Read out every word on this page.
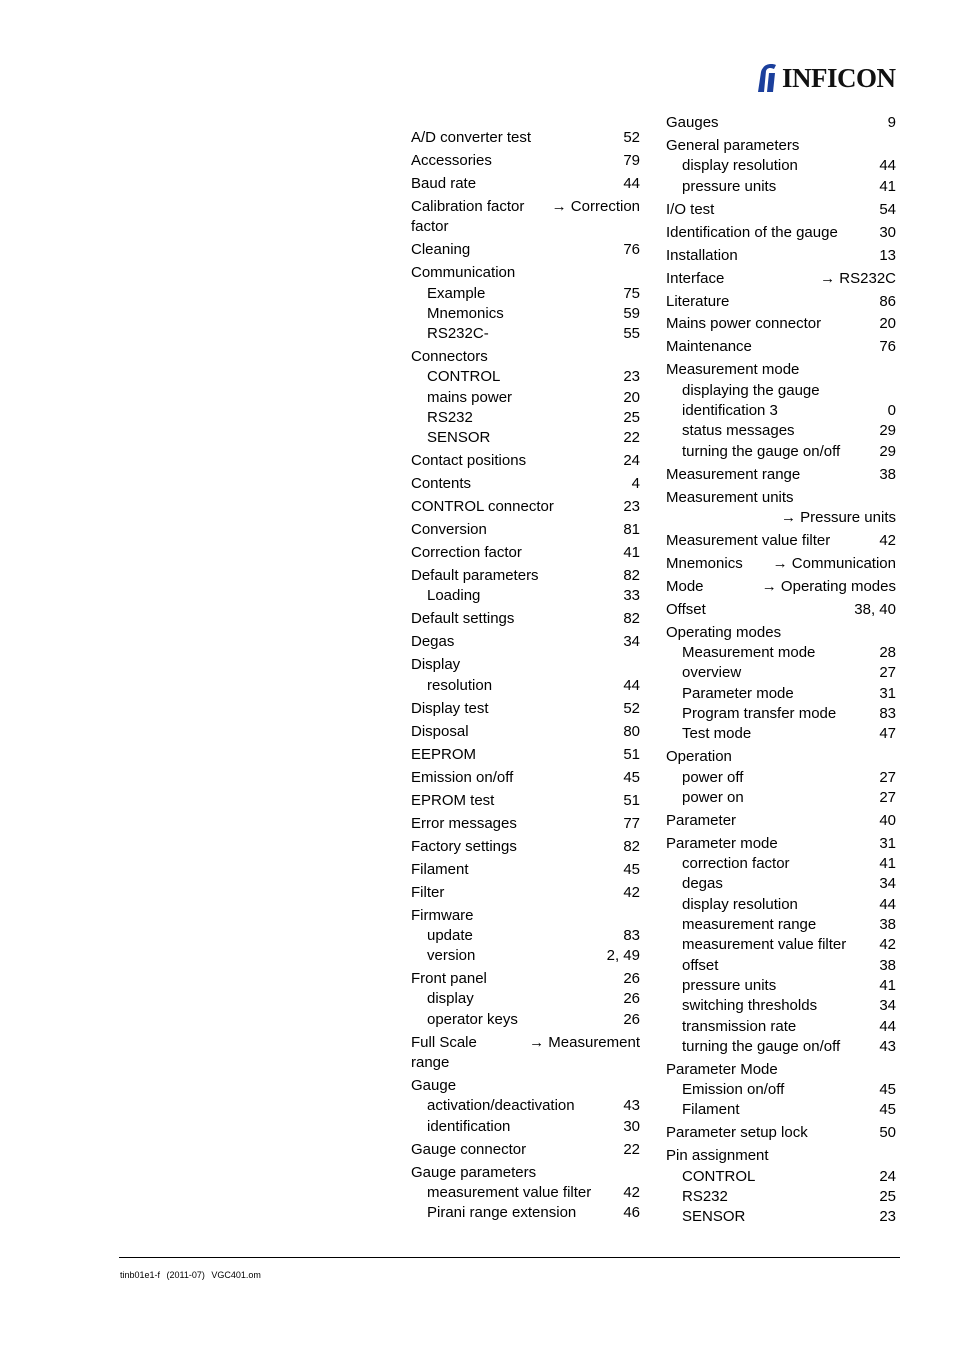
INFICON
A/D converter test	52
Accessories	79
Baud rate	44
Calibration factor → Correction
factor
Cleaning	76
Communication
Example	75
Mnemonics	59
RS232C-	55
Connectors
CONTROL	23
mains power	20
RS232	25
SENSOR	22
Contact positions	24
Contents	4
CONTROL connector	23
Conversion	81
Correction factor	41
Default parameters	82
Loading	33
Default settings	82
Degas	34
Display
resolution	44
Display test	52
Disposal	80
EEPROM	51
Emission on/off	45
EPROM test	51
Error messages	77
Factory settings	82
Filament	45
Filter	42
Firmware
update	83
version	2, 49
Front panel	26
display	26
operator keys	26
Full Scale	→ Measurement
range
Gauge
activation/deactivation	43
identification	30
Gauge connector	22
Gauge parameters
measurement value filter 42
Pirani range extension	46
Gauges	9
General parameters
display resolution	44
pressure units	41
I/O test	54
Identification of the gauge	30
Installation	13
Interface	→ RS232C
Literature	86
Mains power connector	20
Maintenance	76
Measurement mode
displaying the gauge
identification 3	0
status messages	29
turning the gauge on/off	29
Measurement range	38
Measurement units
→ Pressure units
Measurement value filter	42
Mnemonics → Communication
Mode	→ Operating modes
Offset	38, 40
Operating modes
Measurement mode	28
overview	27
Parameter mode	31
Program transfer mode	83
Test mode	47
Operation
power off	27
power on	27
Parameter	40
Parameter mode	31
correction factor	41
degas	34
display resolution	44
measurement range	38
measurement value filter 42
offset	38
pressure units	41
switching thresholds	34
transmission rate	44
turning the gauge on/off	43
Parameter Mode
Emission on/off	45
Filament	45
Parameter setup lock	50
Pin assignment
CONTROL	24
RS232	25
SENSOR	23
tinb01e1-f (2011-07) VGC401.om
